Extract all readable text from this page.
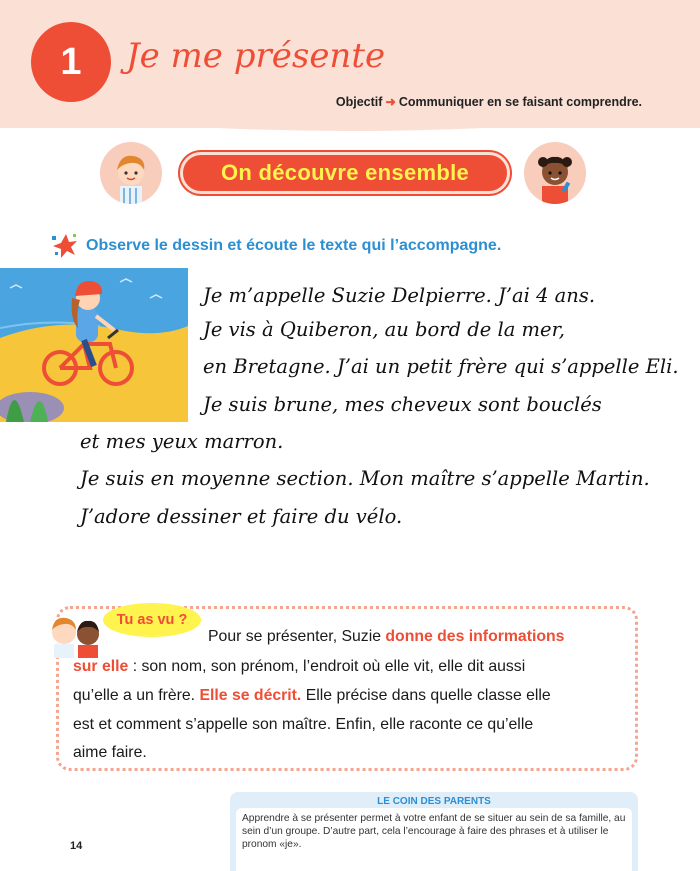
1	Je me présente
Objectif ➜ Communiquer en se faisant comprendre.
On découvre ensemble
Observe le dessin et écoute le texte qui l’accompagne.
Je m’appelle Suzie Delpierre. J’ai 4 ans.
Je vis à Quiberon, au bord de la mer,
en Bretagne. J’ai un petit frère qui s’appelle Eli.
Je suis brune, mes cheveux sont bouclés
et mes yeux marron.
Je suis en moyenne section. Mon maître s’appelle Martin.
J’adore dessiner et faire du vélo.
Tu as vu ?
Pour se présenter, Suzie donne des informations
sur elle : son nom, son prénom, l’endroit où elle vit, elle dit aussi
qu’elle a un frère. Elle se décrit. Elle précise dans quelle classe elle
est et comment s’appelle son maître. Enfin, elle raconte ce qu’elle
aime faire.
LE COIN DES PARENTS

Apprendre à se présenter permet à votre enfant de se situer au sein de sa famille, au sein d’un groupe. D’autre part, cela l’encourage à faire des phrases et à utiliser le pronom «je».

14
